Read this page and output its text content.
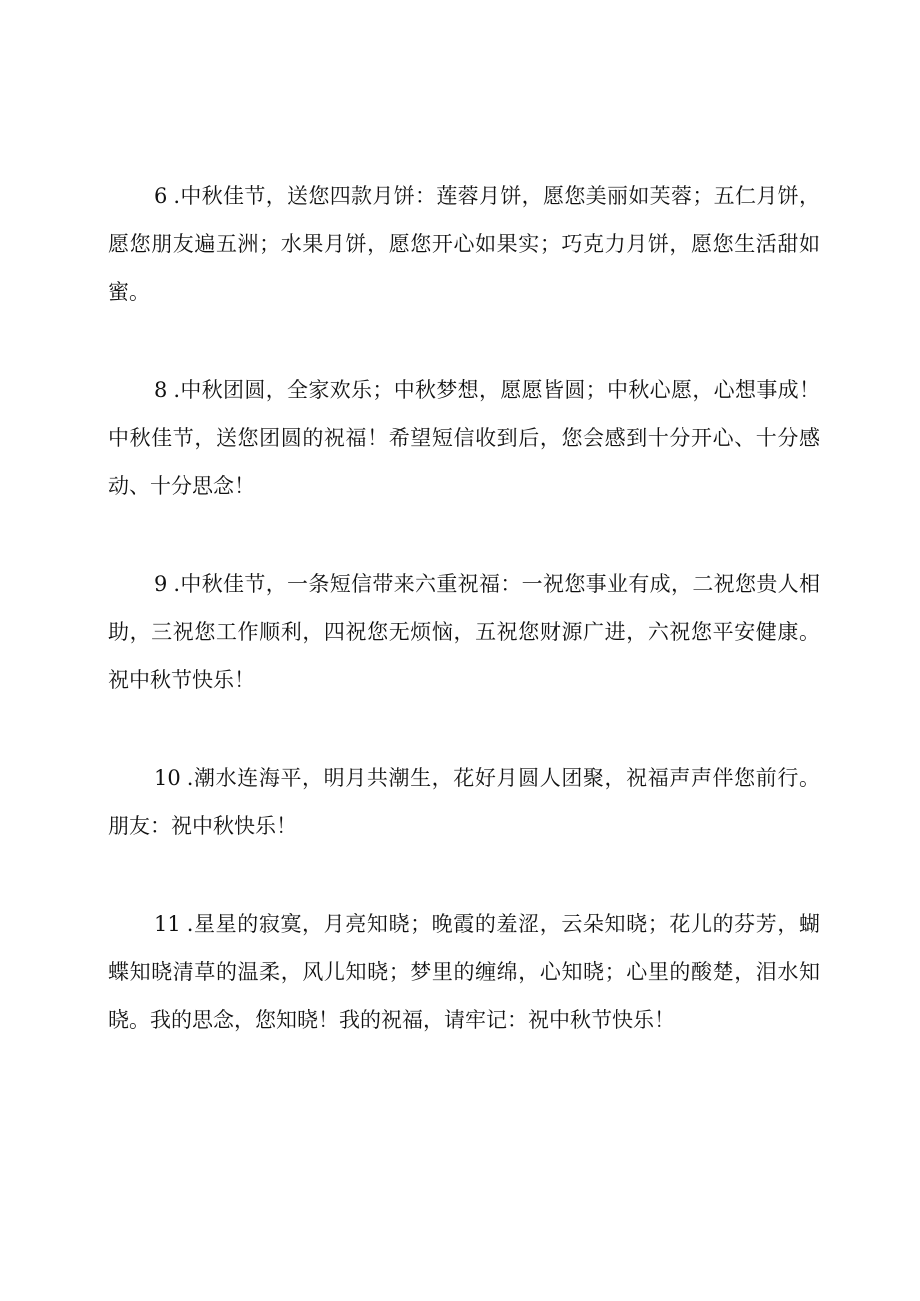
6 .中秋佳节，送您四款月饼：莲蓉月饼，愿您美丽如芙蓉；五仁月饼，愿您朋友遍五洲；水果月饼，愿您开心如果实；巧克力月饼，愿您生活甜如蜜。

8 .中秋团圆，全家欢乐；中秋梦想，愿愿皆圆；中秋心愿，心想事成！中秋佳节，送您团圆的祝福！希望短信收到后，您会感到十分开心、十分感动、十分思念！

9 .中秋佳节，一条短信带来六重祝福：一祝您事业有成，二祝您贵人相助，三祝您工作顺利，四祝您无烦恼，五祝您财源广进，六祝您平安健康。祝中秋节快乐！

10 .潮水连海平，明月共潮生，花好月圆人团聚，祝福声声伴您前行。朋友：祝中秋快乐！

11 .星星的寂寞，月亮知晓；晚霞的羞涩，云朵知晓；花儿的芬芳，蝴蝶知晓清草的温柔，风儿知晓；梦里的缠绵，心知晓；心里的酸楚，泪水知晓。我的思念，您知晓！我的祝福，请牢记：祝中秋节快乐！
